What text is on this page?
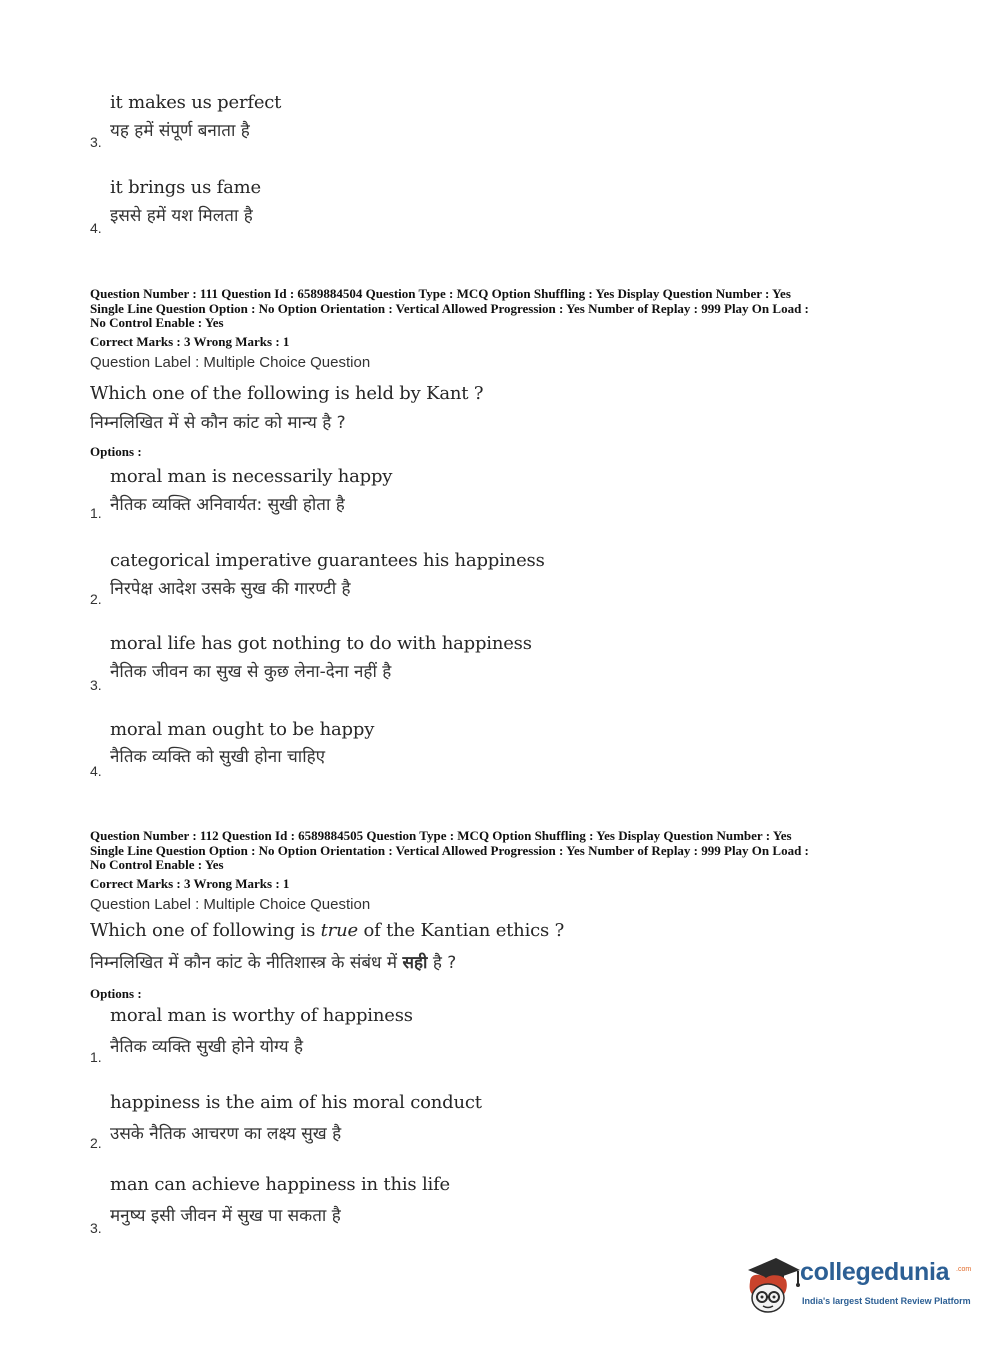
it makes us perfect
यह हमें संपूर्ण बनाता है
3.
it brings us fame
इससे हमें यश मिलता है
4.
Question Number : 111 Question Id : 6589884504 Question Type : MCQ Option Shuffling : Yes Display Question Number : Yes
Single Line Question Option : No Option Orientation : Vertical Allowed Progression : Yes Number of Replay : 999 Play On Load :
No Control Enable : Yes
Correct Marks : 3 Wrong Marks : 1
Question Label : Multiple Choice Question
Which one of the following is held by Kant ?
निम्नलिखित में से कौन कांट को मान्य है ?
Options :
moral man is necessarily happy
नैतिक व्यक्ति अनिवार्यत: सुखी होता है
1.
categorical imperative guarantees his happiness
निरपेक्ष आदेश उसके सुख की गारण्टी है
2.
moral life has got nothing to do with happiness
नैतिक जीवन का सुख से कुछ लेना-देना नहीं है
3.
moral man ought to be happy
नैतिक व्यक्ति को सुखी होना चाहिए
4.
Question Number : 112 Question Id : 6589884505 Question Type : MCQ Option Shuffling : Yes Display Question Number : Yes
Single Line Question Option : No Option Orientation : Vertical Allowed Progression : Yes Number of Replay : 999 Play On Load :
No Control Enable : Yes
Correct Marks : 3 Wrong Marks : 1
Question Label : Multiple Choice Question
Which one of following is true of the Kantian ethics ?
निम्नलिखित में कौन कांट के नीतिशास्त्र के संबंध में सही है ?
Options :
moral man is worthy of happiness
नैतिक व्यक्ति सुखी होने योग्य है
1.
happiness is the aim of his moral conduct
उसके नैतिक आचरण का लक्ष्य सुख है
2.
man can achieve happiness in this life
मनुष्य इसी जीवन में सुख पा सकता है
3.
collegedunia .com
India's largest Student Review Platform
